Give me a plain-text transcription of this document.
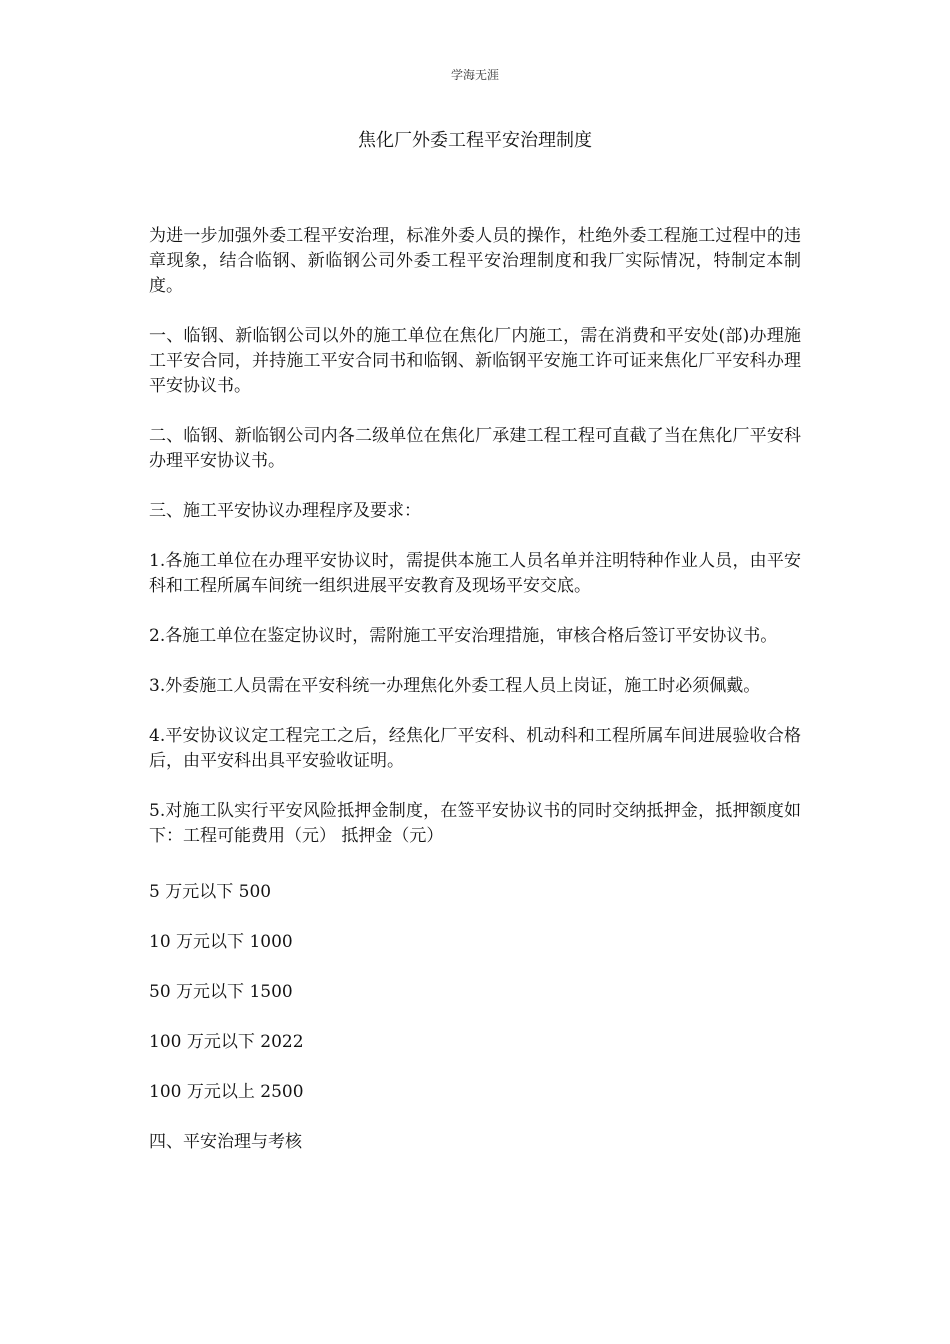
学海无涯
焦化厂外委工程平安治理制度

为进一步加强外委工程平安治理，标准外委人员的操作，杜绝外委工程施工过程中的违章现象，结合临钢、新临钢公司外委工程平安治理制度和我厂实际情况，特制定本制度。

一、临钢、新临钢公司以外的施工单位在焦化厂内施工，需在消费和平安处(部)办理施工平安合同，并持施工平安合同书和临钢、新临钢平安施工许可证来焦化厂平安科办理平安协议书。

二、临钢、新临钢公司内各二级单位在焦化厂承建工程工程可直截了当在焦化厂平安科办理平安协议书。

三、施工平安协议办理程序及要求：

1.各施工单位在办理平安协议时，需提供本施工人员名单并注明特种作业人员，由平安科和工程所属车间统一组织进展平安教育及现场平安交底。

2.各施工单位在鉴定协议时，需附施工平安治理措施，审核合格后签订平安协议书。

3.外委施工人员需在平安科统一办理焦化外委工程人员上岗证，施工时必须佩戴。

4.平安协议议定工程完工之后，经焦化厂平安科、机动科和工程所属车间进展验收合格后，由平安科出具平安验收证明。

5.对施工队实行平安风险抵押金制度，在签平安协议书的同时交纳抵押金，抵押额度如下：工程可能费用（元） 抵押金（元）

5 万元以下 500

10 万元以下 1000

50 万元以下 1500

100 万元以下 2022

100 万元以上 2500

四、平安治理与考核
